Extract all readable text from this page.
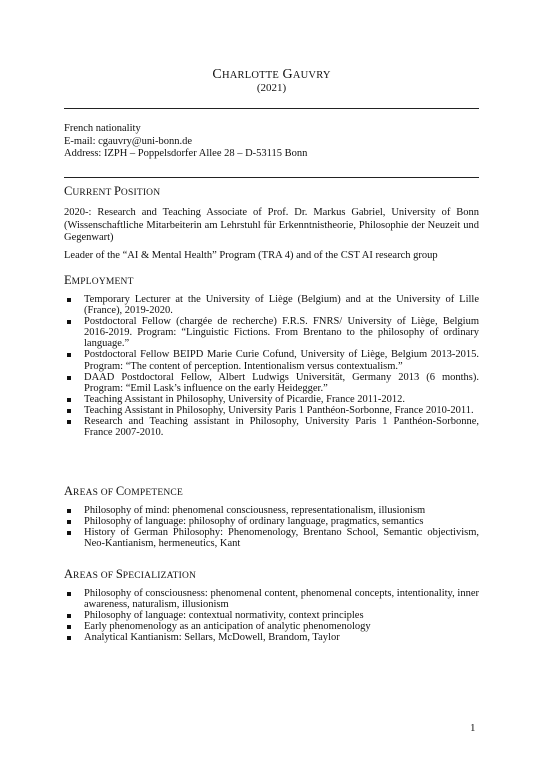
CHARLOTTE GAUVRY
(2021)
French nationality
E-mail: cgauvry@uni-bonn.de
Address: IZPH – Poppelsdorfer Allee 28 – D-53115 Bonn
CURRENT POSITION

2020-: Research and Teaching Associate of Prof. Dr. Markus Gabriel, University of Bonn (Wissenschaftliche Mitarbeiterin am Lehrstuhl für Erkenntnistheorie, Philosophie der Neuzeit und Gegenwart)

Leader of the “AI & Mental Health” Program (TRA 4) and of the CST AI research group

EMPLOYMENT
Temporary Lecturer at the University of Liège (Belgium) and at the University of Lille (France), 2019-2020.
Postdoctoral Fellow (chargée de recherche) F.R.S. FNRS/ University of Liège, Belgium 2016-2019. Program: “Linguistic Fictions. From Brentano to the philosophy of ordinary language.”
Postdoctoral Fellow BEIPD Marie Curie Cofund, University of Liège, Belgium 2013-2015. Program: “The content of perception. Intentionalism versus contextualism.”
DAAD Postdoctoral Fellow, Albert Ludwigs Universität, Germany 2013 (6 months). Program: “Emil Lask’s influence on the early Heidegger.”
Teaching Assistant in Philosophy, University of Picardie, France 2011-2012.
Teaching Assistant in Philosophy, University Paris 1 Panthéon-Sorbonne, France 2010-2011.
Research and Teaching assistant in Philosophy, University Paris 1 Panthéon-Sorbonne, France 2007-2010.
AREAS OF COMPETENCE
Philosophy of mind: phenomenal consciousness, representationalism, illusionism
Philosophy of language: philosophy of ordinary language, pragmatics, semantics
History of German Philosophy: Phenomenology, Brentano School, Semantic objectivism, Neo-Kantianism, hermeneutics, Kant
AREAS OF SPECIALIZATION
Philosophy of consciousness: phenomenal content, phenomenal concepts, intentionality, inner awareness, naturalism, illusionism
Philosophy of language: contextual normativity, context principles
Early phenomenology as an anticipation of analytic phenomenology
Analytical Kantianism: Sellars, McDowell, Brandom, Taylor
1
